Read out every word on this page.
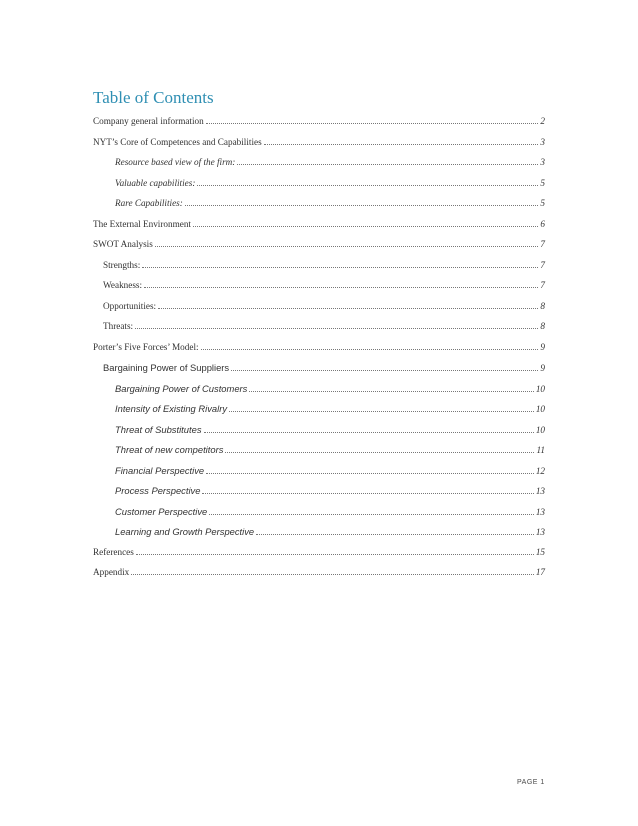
Table of Contents
Company general information	2
NYT’s Core of Competences and Capabilities	3
Resource based view of the firm:	3
Valuable capabilities:	5
Rare Capabilities:	5
The External Environment	6
SWOT Analysis	7
Strengths:	7
Weakness:	7
Opportunities:	8
Threats:	8
Porter’s Five Forces’ Model:	9
Bargaining Power of Suppliers	9
Bargaining Power of Customers	10
Intensity of Existing Rivalry	10
Threat of Substitutes	10
Threat of new competitors	11
Financial Perspective	12
Process Perspective	13
Customer Perspective	13
Learning and Growth Perspective	13
References	15
Appendix	17
PAGE 1
